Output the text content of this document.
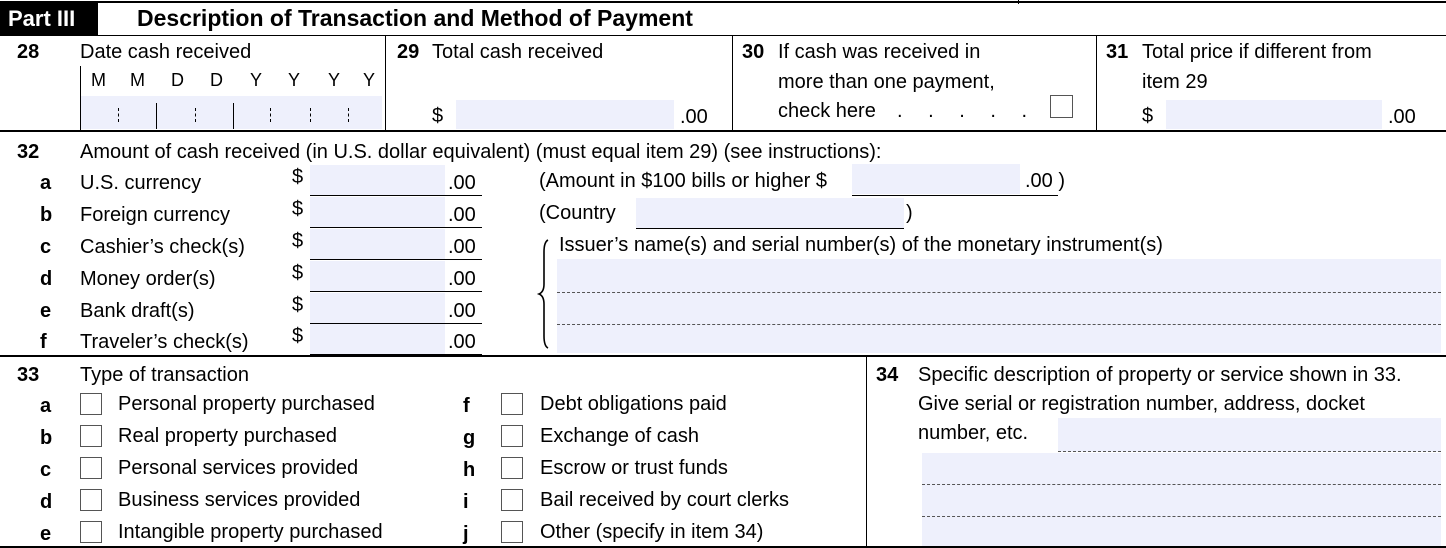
Part III	Description of Transaction and Method of Payment
28 Date cash received
M M D D Y Y Y Y
29 Total cash received
$	.00
30 If cash was received in
more than one payment,
check here . . . . .
31 Total price if different from
item 29
$	.00
32 Amount of cash received (in U.S. dollar equivalent) (must equal item 29) (see instructions):
a U.S. currency	$	.00
b Foreign currency	$	.00
c Cashier’s check(s) $	.00
d Money order(s)	$	.00
e Bank draft(s)	$	.00
f Traveler’s check(s) $	.00
(Amount in $100 bills or higher $	.00 )
(Country	)
Issuer’s name(s) and serial number(s) of the monetary instrument(s)
33 Type of transaction
a	Personal property purchased	f	Debt obligations paid
b	Real property purchased	g	Exchange of cash
c	Personal services provided	h	Escrow or trust funds
d	Business services provided	i	Bail received by court clerks
e	Intangible property purchased	j	Other (specify in item 34)
34 Specific description of property or service shown in 33.
Give serial or registration number, address, docket
number, etc.
